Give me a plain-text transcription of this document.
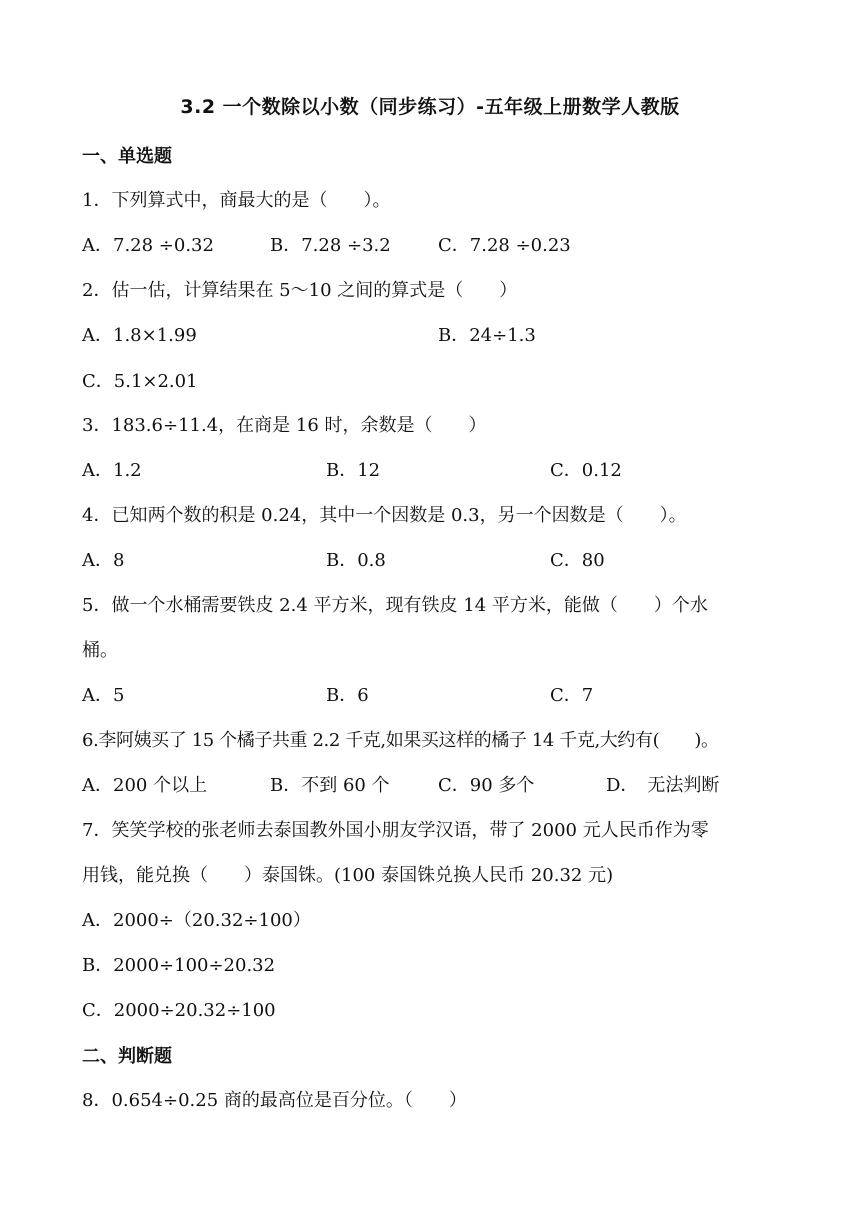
3.2 一个数除以小数（同步练习）-五年级上册数学人教版
一、单选题
1．下列算式中，商最大的是（　　）。
A．7.28 ÷0.32	B．7.28 ÷3.2	C．7.28 ÷0.23
2．估一估，计算结果在 5～10 之间的算式是（　　）
A．1.8×1.99	B．24÷1.3
C．5.1×2.01
3．183.6÷11.4，在商是 16 时，余数是（　　）
A．1.2	B．12	C．0.12
4．已知两个数的积是 0.24，其中一个因数是 0.3，另一个因数是（　　）。
A．8	B．0.8	C．80
5．做一个水桶需要铁皮 2.4 平方米，现有铁皮 14 平方米，能做（　　）个水
桶。
A．5	B．6	C．7
6.李阿姨买了 15 个橘子共重 2.2 千克,如果买这样的橘子 14 千克,大约有(　　)。
A．200 个以上	B．不到 60 个	C．90 多个	D．　无法判断
7．笑笑学校的张老师去泰国教外国小朋友学汉语，带了 2000 元人民币作为零
用钱，能兑换（　　）泰国铢。(100 泰国铢兑换人民币 20.32 元)
A．2000÷（20.32÷100）
B．2000÷100÷20.32
C．2000÷20.32÷100
二、判断题
8．0.654÷0.25 商的最高位是百分位。（　　）
